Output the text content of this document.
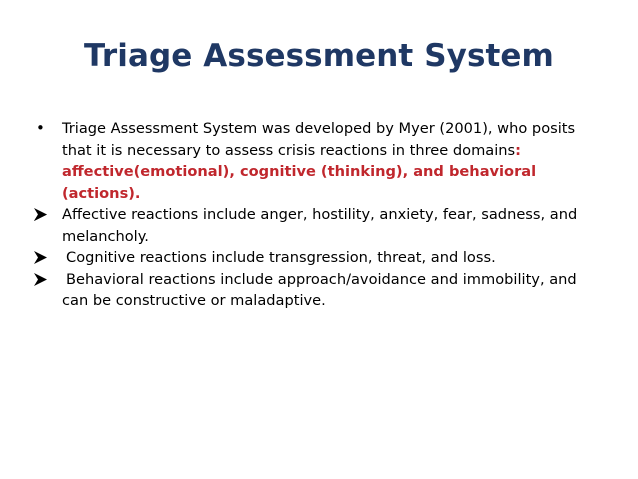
Triage Assessment System
•	Triage Assessment System was developed by Myer (2001), who posits that it is necessary to assess crisis reactions in three domains: affective(emotional), cognitive (thinking), and behavioral (actions).
Affective reactions include anger, hostility, anxiety, fear, sadness, and melancholy.
Cognitive reactions include transgression, threat, and loss.
Behavioral reactions include approach/avoidance and immobility, and can be constructive or maladaptive.
